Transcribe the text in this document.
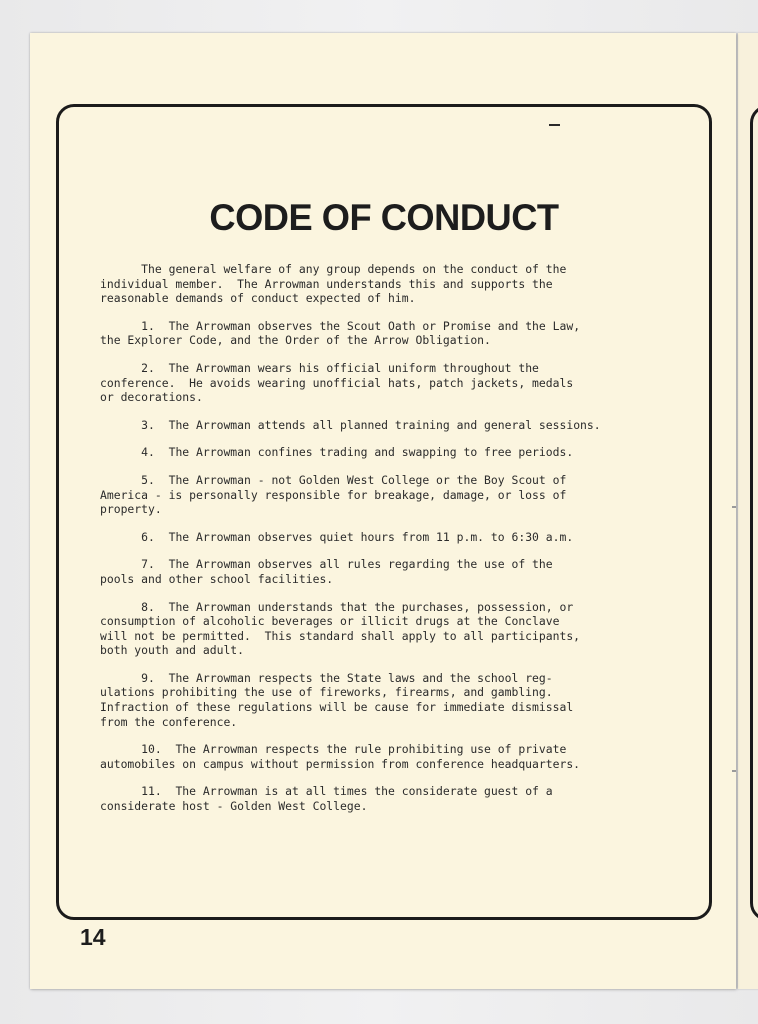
CODE OF CONDUCT

The general welfare of any group depends on the conduct of the
individual member.  The Arrowman understands this and supports the
reasonable demands of conduct expected of him.

1.  The Arrowman observes the Scout Oath or Promise and the Law,
the Explorer Code, and the Order of the Arrow Obligation.

2.  The Arrowman wears his official uniform throughout the
conference.  He avoids wearing unofficial hats, patch jackets, medals
or decorations.

3.  The Arrowman attends all planned training and general sessions.

4.  The Arrowman confines trading and swapping to free periods.

5.  The Arrowman - not Golden West College or the Boy Scout of
America - is personally responsible for breakage, damage, or loss of
property.

6.  The Arrowman observes quiet hours from 11 p.m. to 6:30 a.m.

7.  The Arrowman observes all rules regarding the use of the
pools and other school facilities.

8.  The Arrowman understands that the purchases, possession, or
consumption of alcoholic beverages or illicit drugs at the Conclave
will not be permitted.  This standard shall apply to all participants,
both youth and adult.

9.  The Arrowman respects the State laws and the school reg-
ulations prohibiting the use of fireworks, firearms, and gambling.
Infraction of these regulations will be cause for immediate dismissal
from the conference.

10.  The Arrowman respects the rule prohibiting use of private
automobiles on campus without permission from conference headquarters.

11.  The Arrowman is at all times the considerate guest of a
considerate host - Golden West College.

14
